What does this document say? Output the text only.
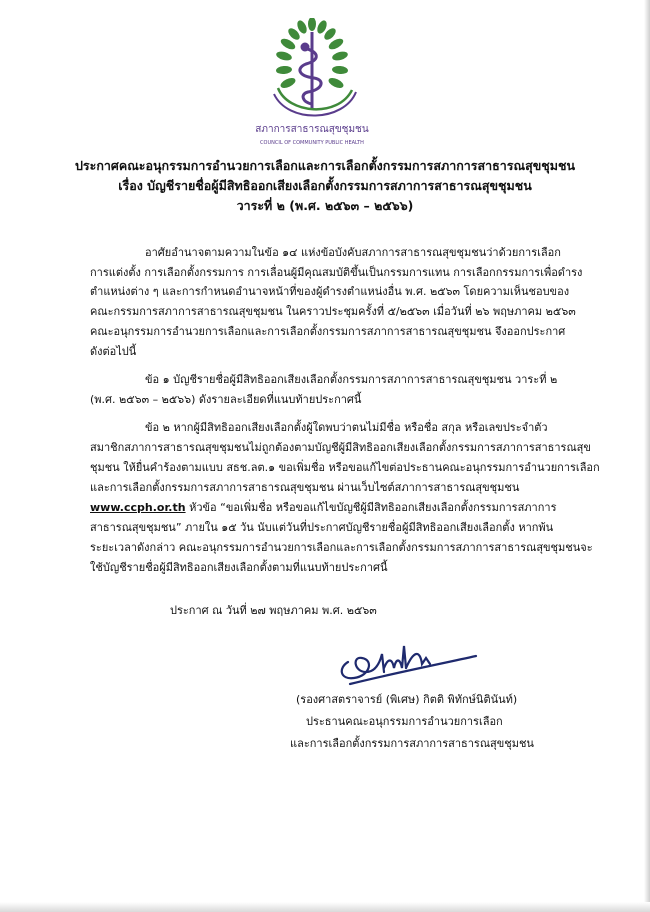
สภาการสาธารณสุขชุมชน
COUNCIL OF COMMUNITY PUBLIC HEALTH
ประกาศคณะอนุกรรมการอำนวยการเลือกและการเลือกตั้งกรรมการสภาการสาธารณสุขชุมชน
เรื่อง บัญชีรายชื่อผู้มีสิทธิออกเสียงเลือกตั้งกรรมการสภาการสาธารณสุขชุมชน
วาระที่ ๒ (พ.ศ. ๒๕๖๓ – ๒๕๖๖)
อาศัยอำนาจตามความในข้อ ๑๔ แห่งข้อบังคับสภาการสาธารณสุขชุมชนว่าด้วยการเลือก
การแต่งตั้ง การเลือกตั้งกรรมการ การเลื่อนผู้มีคุณสมบัติขึ้นเป็นกรรมการแทน การเลือกกรรมการเพื่อดำรง
ตำแหน่งต่าง ๆ และการกำหนดอำนาจหน้าที่ของผู้ดำรงตำแหน่งอื่น พ.ศ. ๒๕๖๓ โดยความเห็นชอบของ
คณะกรรมการสภาการสาธารณสุขชุมชน ในคราวประชุมครั้งที่ ๕/๒๕๖๓ เมื่อวันที่ ๒๖ พฤษภาคม ๒๕๖๓
คณะอนุกรรมการอำนวยการเลือกและการเลือกตั้งกรรมการสภาการสาธารณสุขชุมชน จึงออกประกาศ
ดังต่อไปนี้
ข้อ ๑ บัญชีรายชื่อผู้มีสิทธิออกเสียงเลือกตั้งกรรมการสภาการสาธารณสุขชุมชน วาระที่ ๒
(พ.ศ. ๒๕๖๓ – ๒๕๖๖) ดังรายละเอียดที่แนบท้ายประกาศนี้
ข้อ ๒ หากผู้มีสิทธิออกเสียงเลือกตั้งผู้ใดพบว่าตนไม่มีชื่อ หรือชื่อ สกุล หรือเลขประจำตัว
สมาชิกสภาการสาธารณสุขชุมชนไม่ถูกต้องตามบัญชีผู้มีสิทธิออกเสียงเลือกตั้งกรรมการสภาการสาธารณสุข
ชุมชน ให้ยื่นคำร้องตามแบบ สธช.ลต.๑ ขอเพิ่มชื่อ หรือขอแก้ไขต่อประธานคณะอนุกรรมการอำนวยการเลือก
และการเลือกตั้งกรรมการสภาการสาธารณสุขชุมชน ผ่านเว็บไซต์สภาการสาธารณสุขชุมชน
www.ccph.or.th หัวข้อ “ขอเพิ่มชื่อ หรือขอแก้ไขบัญชีผู้มีสิทธิออกเสียงเลือกตั้งกรรมการสภาการ
สาธารณสุขชุมชน” ภายใน ๑๕ วัน นับแต่วันที่ประกาศบัญชีรายชื่อผู้มีสิทธิออกเสียงเลือกตั้ง หากพ้น
ระยะเวลาดังกล่าว คณะอนุกรรมการอำนวยการเลือกและการเลือกตั้งกรรมการสภาการสาธารณสุขชุมชนจะ
ใช้บัญชีรายชื่อผู้มีสิทธิออกเสียงเลือกตั้งตามที่แนบท้ายประกาศนี้
ประกาศ ณ วันที่ ๒๗ พฤษภาคม พ.ศ. ๒๕๖๓
(รองศาสตราจารย์ (พิเศษ) กิตติ พิทักษ์นิตินันท์)
ประธานคณะอนุกรรมการอำนวยการเลือก
และการเลือกตั้งกรรมการสภาการสาธารณสุขชุมชน
